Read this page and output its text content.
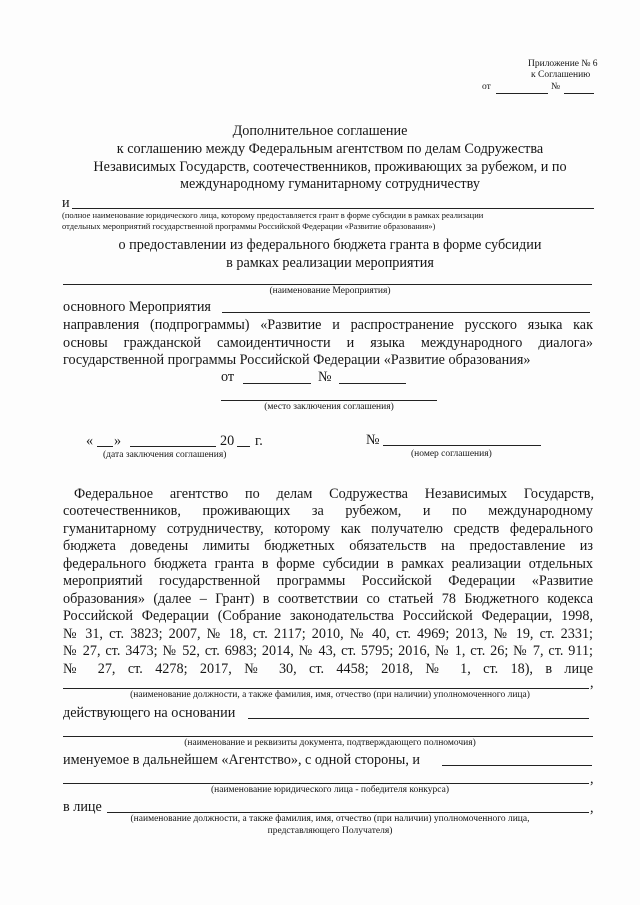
Приложение № 6
к Соглашению
от	№
Дополнительное соглашение
к соглашению между Федеральным агентством по делам Содружества
Независимых Государств, соотечественников, проживающих за рубежом, и по
международному гуманитарному сотрудничеству
и
(полное наименование юридического лица, которому предоставляется грант в форме субсидии в рамках реализации
отдельных мероприятий государственной программы Российской Федерации «Развитие образования»)
о предоставлении из федерального бюджета гранта в форме субсидии
в рамках реализации мероприятия
(наименование Мероприятия)
основного Мероприятия
направления (подпрограммы) «Развитие и распространение русского языка как
основы гражданской самоидентичности и языка международного диалога»
государственной программы Российской Федерации «Развитие образования»
от	№
(место заключения соглашения)
« »	20 г.
(дата заключения соглашения)
№
(номер соглашения)
Федеральное агентство по делам Содружества Независимых Государств,
соотечественников, проживающих за рубежом, и по международному
гуманитарному сотрудничеству, которому как получателю средств федерального
бюджета доведены лимиты бюджетных обязательств на предоставление из
федерального бюджета гранта в форме субсидии в рамках реализации отдельных
мероприятий государственной программы Российской Федерации «Развитие
образования» (далее – Грант) в соответствии со статьей 78 Бюджетного кодекса
Российской Федерации (Собрание законодательства Российской Федерации, 1998,
№ 31, ст. 3823; 2007, № 18, ст. 2117; 2010, № 40, ст. 4969; 2013, № 19, ст. 2331;
№ 27, ст. 3473; № 52, ст. 6983; 2014, № 43, ст. 5795; 2016, № 1, ст. 26; № 7, ст. 911;
№ 27, ст. 4278; 2017, № 30, ст. 4458; 2018, № 1, ст. 18), в лице
,
(наименование должности, а также фамилия, имя, отчество (при наличии) уполномоченного лица)
действующего на основании
(наименование и реквизиты документа, подтверждающего полномочия)
именуемое в дальнейшем «Агентство», с одной стороны, и
,
(наименование юридического лица - победителя конкурса)
в лице	,
(наименование должности, а также фамилия, имя, отчество (при наличии) уполномоченного лица,
представляющего Получателя)
